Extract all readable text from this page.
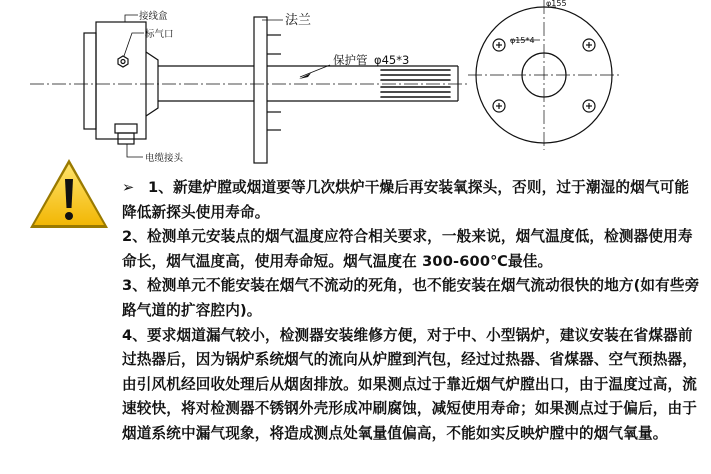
接线盒
标气口
法兰
保护管 φ45*3
电缆接头
φ155
φ15*4

➢ 1、新建炉膛或烟道要等几次烘炉干燥后再安装氧探头，否则，过于潮湿的烟气可能降低新探头使用寿命。

2、检测单元安装点的烟气温度应符合相关要求，一般来说，烟气温度低，检测器使用寿命长，烟气温度高，使用寿命短。烟气温度在 300-600℃最佳。

3、检测单元不能安装在烟气不流动的死角，也不能安装在烟气流动很快的地方(如有些旁路气道的扩容腔内)。

4、要求烟道漏气较小，检测器安装维修方便，对于中、小型锅炉，建议安装在省煤器前过热器后，因为锅炉系统烟气的流向从炉膛到汽包，经过过热器、省煤器、空气预热器，由引风机经回收处理后从烟囱排放。如果测点过于靠近烟气炉膛出口，由于温度过高，流速较快，将对检测器不锈钢外壳形成冲刷腐蚀，减短使用寿命；如果测点过于偏后，由于烟道系统中漏气现象，将造成测点处氧量值偏高，不能如实反映炉膛中的烟气氧量。
